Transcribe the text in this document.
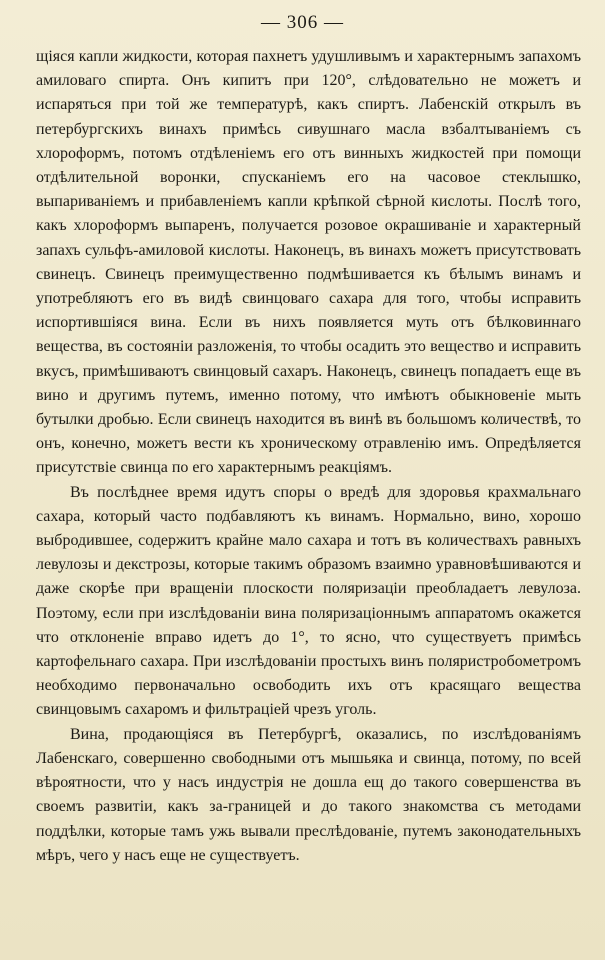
— 306 —

щіяся капли жидкости, которая пахнетъ удушливымъ и характернымъ запахомъ амиловаго спирта. Онъ кипитъ при 120°, слѣдовательно не можетъ и испаряться при той же температурѣ, какъ спиртъ. Лабенскій открылъ въ петербургскихъ винахъ примѣсь сивушнаго масла взбалтываніемъ съ хлороформъ, потомъ отдѣленіемъ его отъ винныхъ жидкостей при помощи отдѣлительной воронки, спусканіемъ его на часовое стеклышко, выпариваніемъ и прибавленіемъ капли крѣпкой сѣрной кислоты. Послѣ того, какъ хлороформъ выпаренъ, получается розовое окрашиваніе и характерный запахъ сульфъ-амиловой кислоты. Наконецъ, въ винахъ можетъ присутствовать свинецъ. Свинецъ преимущественно подмѣшивается къ бѣлымъ винамъ и употребляютъ его въ видѣ свинцоваго сахара для того, чтобы исправить испортившіяся вина. Если въ нихъ появляется муть отъ бѣлковиннаго вещества, въ состояніи разложенія, то чтобы осадить это вещество и исправить вкусъ, примѣшиваютъ свинцовый сахаръ. Наконецъ, свинецъ попадаетъ еще въ вино и другимъ путемъ, именно потому, что имѣютъ обыкновеніе мыть бутылки дробью. Если свинецъ находится въ винѣ въ большомъ количествѣ, то онъ, конечно, можетъ вести къ хроническому отравленію имъ. Опредѣляется присутствіе свинца по его характернымъ реакціямъ.

Въ послѣднее время идутъ споры о вредѣ для здоровья крахмальнаго сахара, который часто подбавляютъ къ винамъ. Нормально, вино, хорошо выбродившее, содержитъ крайне мало сахара и тотъ въ количествахъ равныхъ левулозы и декстрозы, которые такимъ образомъ взаимно уравновѣшиваются и даже скорѣе при вращеніи плоскости поляризаціи преобладаетъ левулоза. Поэтому, если при изслѣдованіи вина поляризаціоннымъ аппаратомъ окажется что отклоненіе вправо идетъ до 1°, то ясно, что существуетъ примѣсь картофельнаго сахара. При изслѣдованіи простыхъ винъ поляристробометромъ необходимо первоначально освободить ихъ отъ красящаго вещества свинцовымъ сахаромъ и фильтраціей чрезъ уголь.

Вина, продающіяся въ Петербургѣ, оказались, по изслѣдованіямъ Лабенскаго, совершенно свободными отъ мышьяка и свинца, потому, по всей вѣроятности, что у насъ индустрія не дошла ещ до такого совершенства въ своемъ развитіи, какъ за-границей и до такого знакомства съ методами поддѣлки, которые тамъ ужь вывали преслѣдованіе, путемъ законодательныхъ мѣръ, чего у насъ еще не существуетъ.
